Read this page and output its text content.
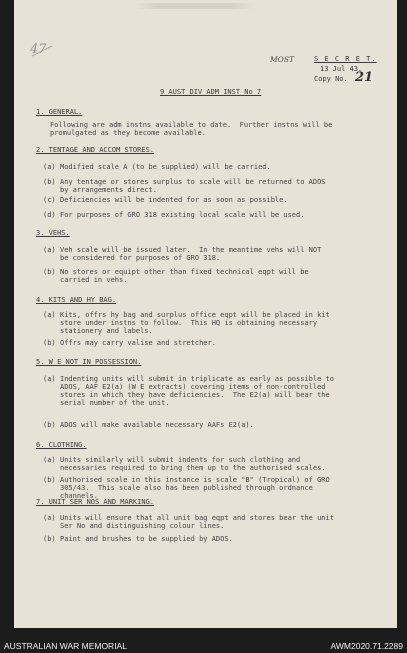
47
MOST	S E C R E T.
13 Jul 43.
Copy No. 21
9 AUST DIV ADM INST No 7
1. GENERAL.
Following are adm instns available to date.  Further instns will be
promulgated as they become available.
2. TENTAGE AND ACCOM STORES.
(a) Modified scale A (to be supplied) will be carried.
(b) Any tentage or stores surplus to scale will be returned to ADOS
by arrangements direct.
(c) Deficiencies will be indented for as soon as possible.
(d) For purposes of GRO 318 existing local scale will be used.
3. VEHS.
(a) Veh scale will be issued later.  In the meantime vehs will NOT
be considered for purposes of GRO 318.
(b) No stores or equipt other than fixed technical eqpt will be
carried in vehs.
4. KITS AND HY BAG.
(a) Kits, offrs hy bag and surplus office eqpt will be placed in kit
store under instns to follow.  This HQ is obtaining necessary
stationery and labels.
(b) Offrs may carry valise and stretcher.
5. W E NOT IN POSSESSION.
(a) Indenting units will submit in triplicate as early as possible to
ADOS, AAF E2(a) (W E extracts) covering items of non-controlled
stores in which they have deficiencies.  The E2(a) will bear the
serial number of the unit.
(b) ADOS will make available necessary AAFs E2(a).
6. CLOTHING.
(a) Units similarly will submit indents for such clothing and
necessaries required to bring them up to the authorised scales.
(b) Authorised scale in this instance is scale "B" (Tropical) of GRO
305/43.  This scale also has been published through ordnance
channels.
7. UNIT SER NOS AND MARKING.
(a) Units will ensure that all unit bag eqpt and stores bear the unit
Ser No and distinguishing colour lines.
(b) Paint and brushes to be supplied by ADOS.
AUSTRALIAN WAR MEMORIAL	AWM2020.71.2289
